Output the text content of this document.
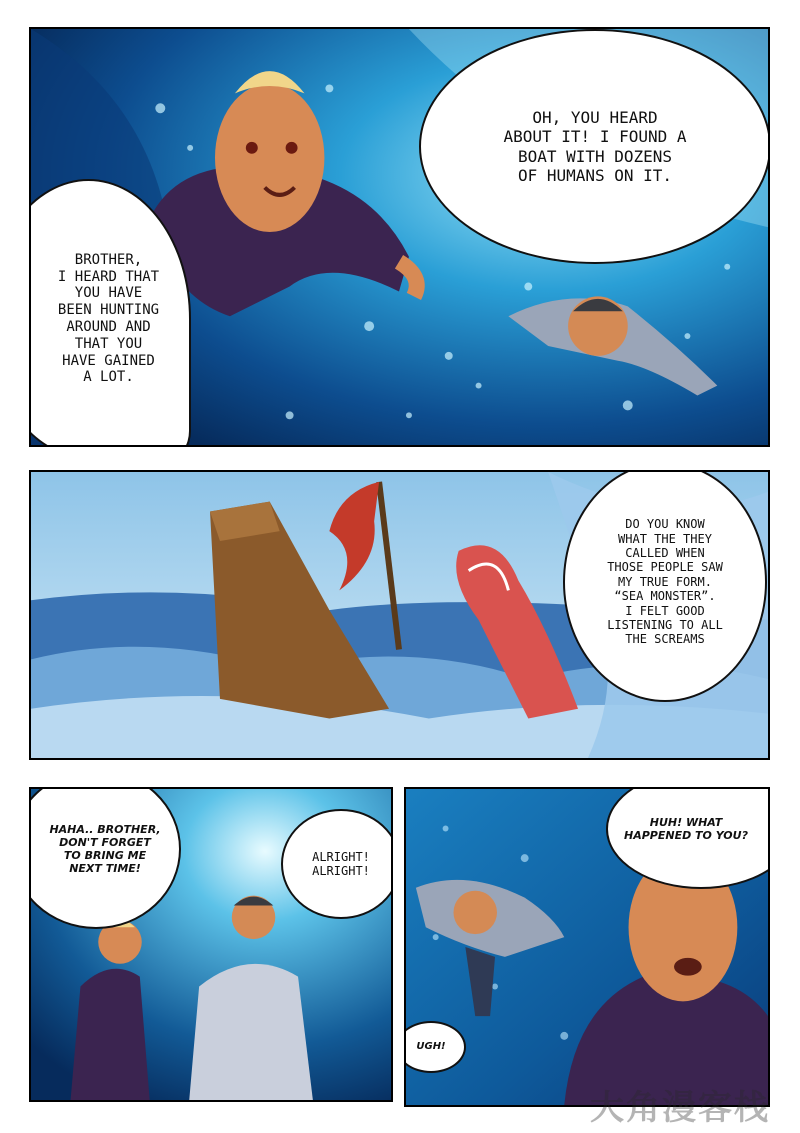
OH, YOU HEARD
ABOUT IT! I FOUND A
BOAT WITH DOZENS
OF HUMANS ON IT.
BROTHER,
I HEARD THAT
YOU HAVE
BEEN HUNTING
AROUND AND
THAT YOU
HAVE GAINED
A LOT.
DO YOU KNOW
WHAT THE THEY
CALLED WHEN
THOSE PEOPLE SAW
MY TRUE FORM.
“SEA MONSTER”.
I FELT GOOD
LISTENING TO ALL
THE SCREAMS
HAHA.. BROTHER,
DON'T FORGET
TO BRING ME
NEXT TIME!
ALRIGHT!
ALRIGHT!
HUH! WHAT
HAPPENED TO YOU?
UGH!
大角漫客栈
